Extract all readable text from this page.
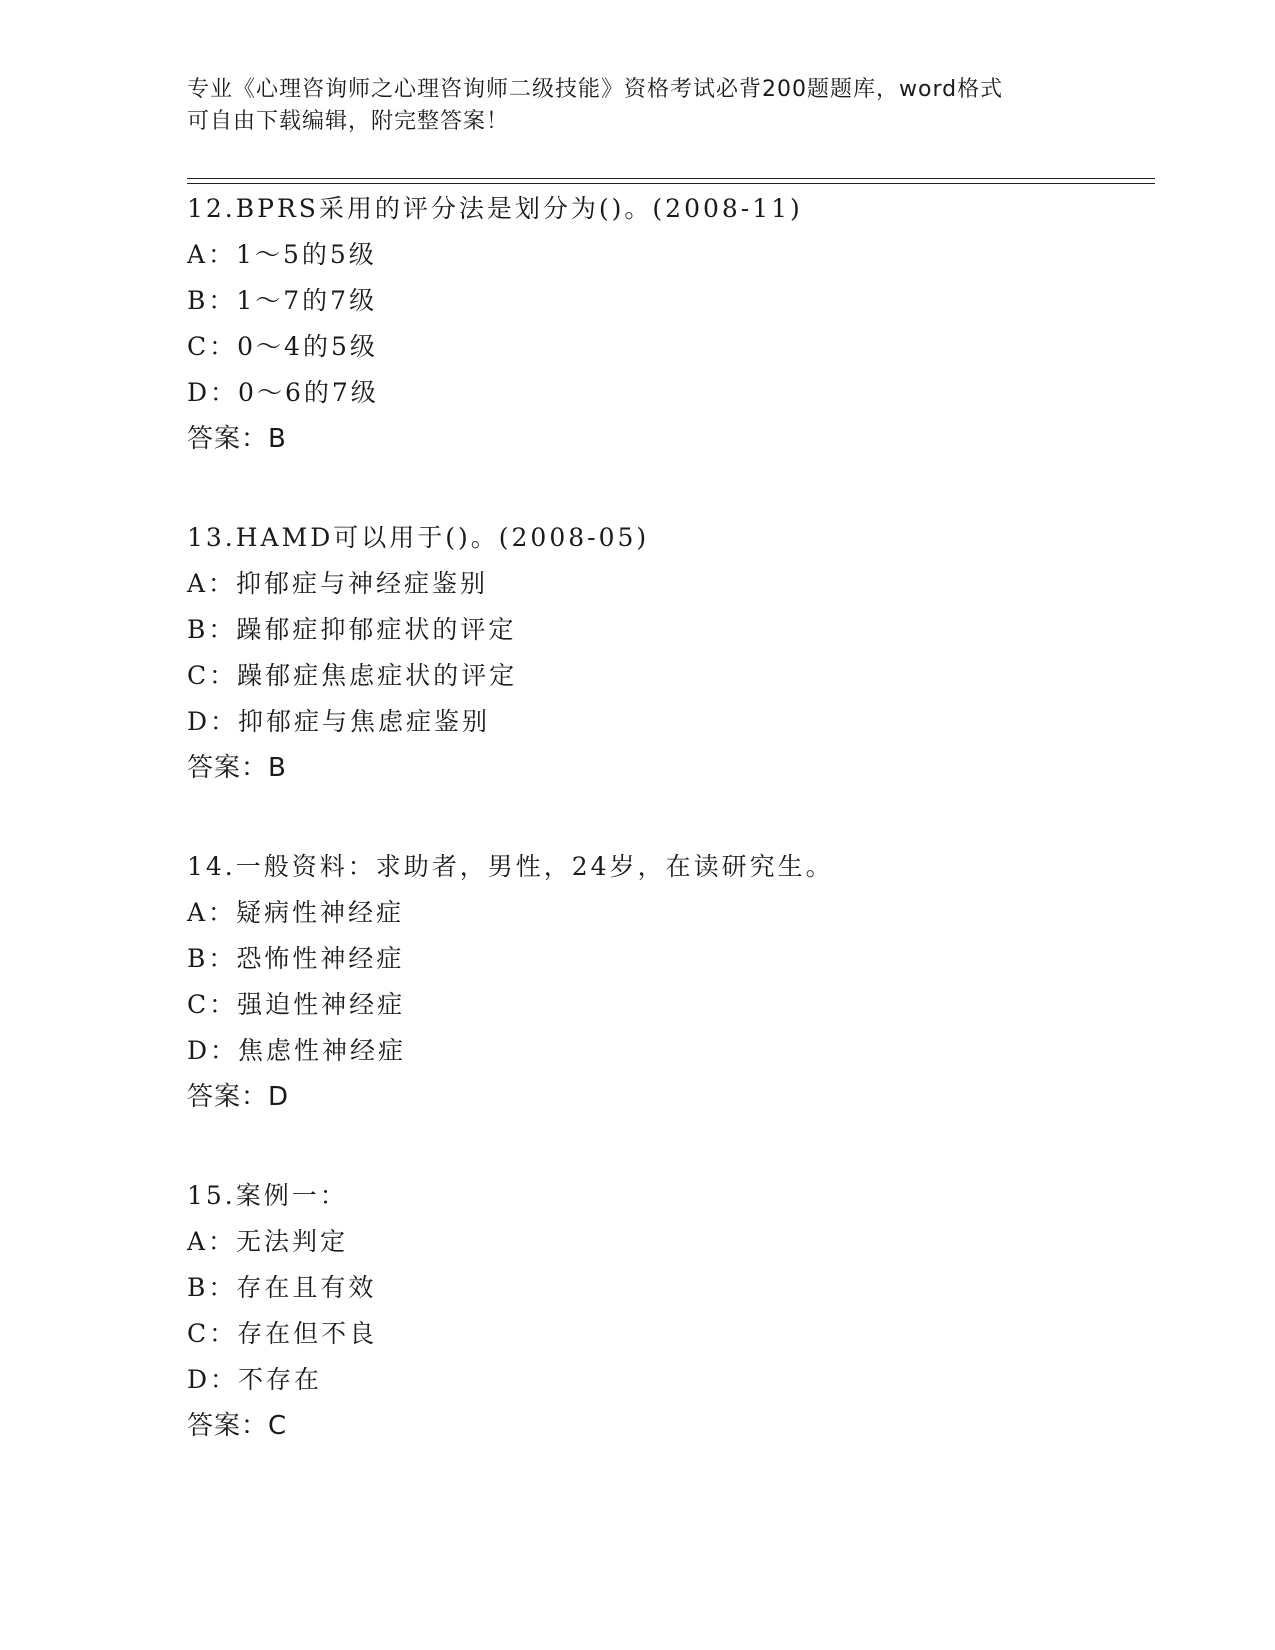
专业《心理咨询师之心理咨询师二级技能》资格考试必背200题题库，word格式
可自由下载编辑，附完整答案！
12.BPRS采用的评分法是划分为()。(2008-11)
A：1～5的5级
B：1～7的7级
C：0～4的5级
D：0～6的7级
答案：B
13.HAMD可以用于()。(2008-05)
A：抑郁症与神经症鉴别
B：躁郁症抑郁症状的评定
C：躁郁症焦虑症状的评定
D：抑郁症与焦虑症鉴别
答案：B
14.一般资料：求助者，男性，24岁，在读研究生。
A：疑病性神经症
B：恐怖性神经症
C：强迫性神经症
D：焦虑性神经症
答案：D
15.案例一：
A：无法判定
B：存在且有效
C：存在但不良
D：不存在
答案：C
